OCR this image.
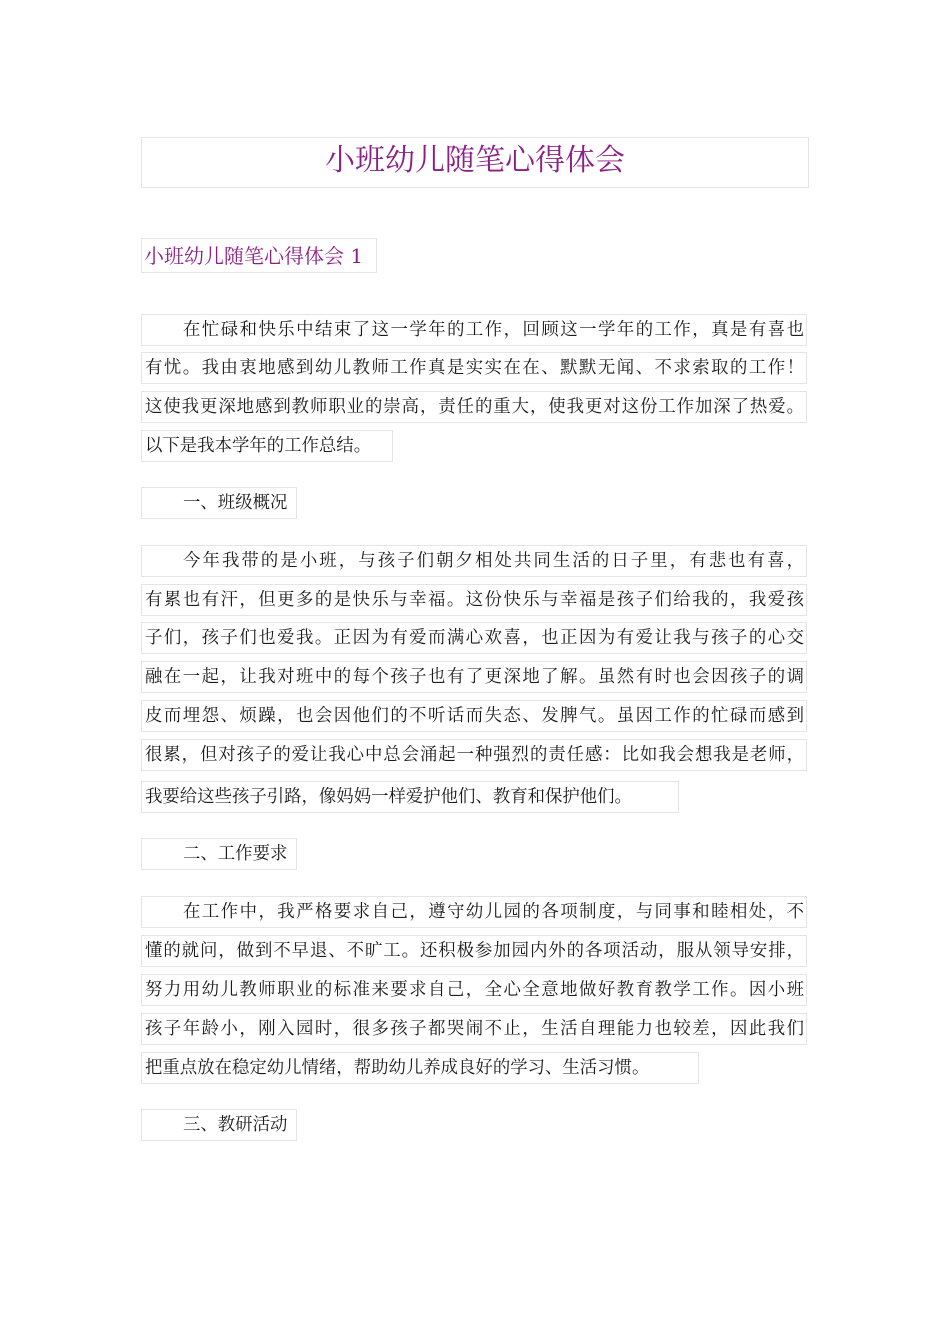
小班幼儿随笔心得体会
小班幼儿随笔心得体会 1
在忙碌和快乐中结束了这一学年的工作，回顾这一学年的工作，真是有喜也
有忧。我由衷地感到幼儿教师工作真是实实在在、默默无闻、不求索取的工作！
这使我更深地感到教师职业的崇高，责任的重大，使我更对这份工作加深了热爱。
以下是我本学年的工作总结。
一、班级概况
今年我带的是小班，与孩子们朝夕相处共同生活的日子里，有悲也有喜，
有累也有汗，但更多的是快乐与幸福。这份快乐与幸福是孩子们给我的，我爱孩
子们，孩子们也爱我。正因为有爱而满心欢喜，也正因为有爱让我与孩子的心交
融在一起，让我对班中的每个孩子也有了更深地了解。虽然有时也会因孩子的调
皮而埋怨、烦躁，也会因他们的不听话而失态、发脾气。虽因工作的忙碌而感到
很累，但对孩子的爱让我心中总会涌起一种强烈的责任感：比如我会想我是老师，
我要给这些孩子引路，像妈妈一样爱护他们、教育和保护他们。
二、工作要求
在工作中，我严格要求自己，遵守幼儿园的各项制度，与同事和睦相处，不
懂的就问，做到不早退、不旷工。还积极参加园内外的各项活动，服从领导安排，
努力用幼儿教师职业的标准来要求自己，全心全意地做好教育教学工作。因小班
孩子年龄小，刚入园时，很多孩子都哭闹不止，生活自理能力也较差，因此我们
把重点放在稳定幼儿情绪，帮助幼儿养成良好的学习、生活习惯。
三、教研活动
